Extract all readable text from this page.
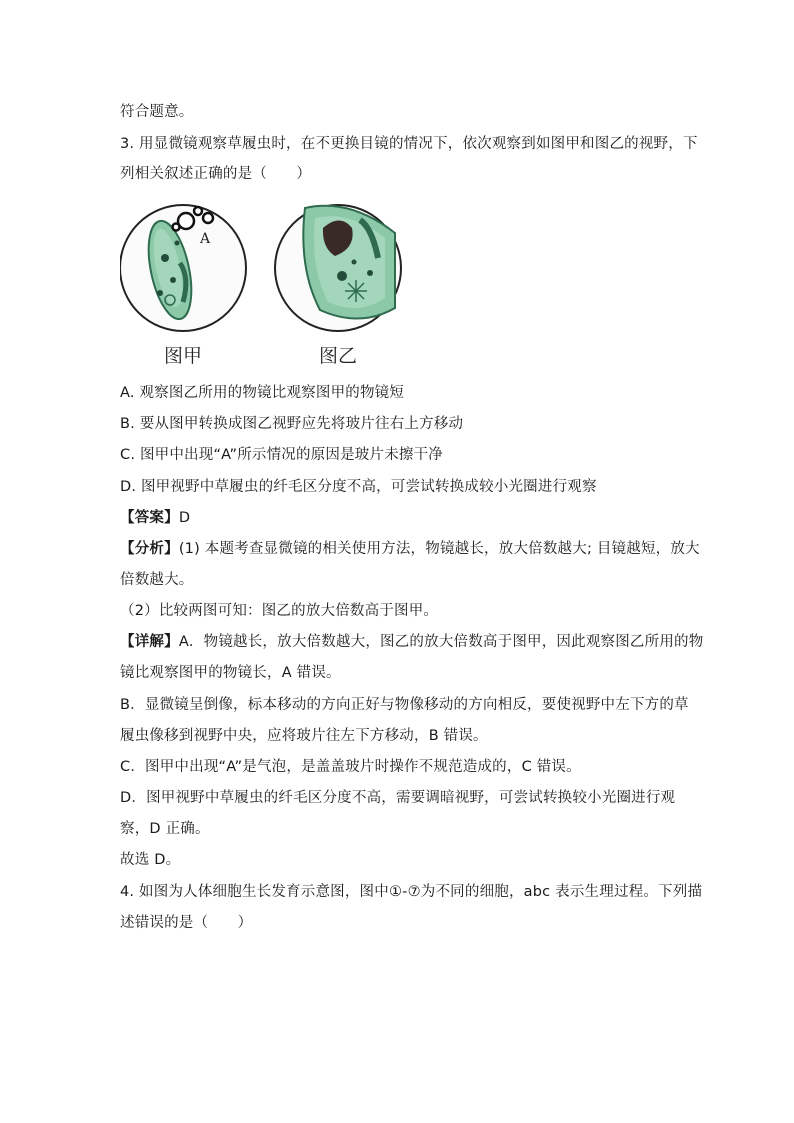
符合题意。
3. 用显微镜观察草履虫时，在不更换目镜的情况下，依次观察到如图甲和图乙的视野，下
列相关叙述正确的是（　　）
A
图甲	图乙
A. 观察图乙所用的物镜比观察图甲的物镜短
B. 要从图甲转换成图乙视野应先将玻片往右上方移动
C. 图甲中出现“A”所示情况的原因是玻片未擦干净
D. 图甲视野中草履虫的纤毛区分度不高，可尝试转换成较小光圈进行观察
【答案】D
【分析】(1) 本题考查显微镜的相关使用方法，物镜越长，放大倍数越大; 目镜越短，放大
倍数越大。
（2）比较两图可知：图乙的放大倍数高于图甲。
【详解】A．物镜越长，放大倍数越大，图乙的放大倍数高于图甲，因此观察图乙所用的物
镜比观察图甲的物镜长，A 错误。
B．显微镜呈倒像，标本移动的方向正好与物像移动的方向相反，要使视野中左下方的草
履虫像移到视野中央，应将玻片往左下方移动，B 错误。
C．图甲中出现“A”是气泡，是盖盖玻片时操作不规范造成的，C 错误。
D．图甲视野中草履虫的纤毛区分度不高，需要调暗视野，可尝试转换较小光圈进行观
察，D 正确。
故选 D。
4. 如图为人体细胞生长发育示意图，图中①-⑦为不同的细胞，abc 表示生理过程。下列描
述错误的是（　　）
